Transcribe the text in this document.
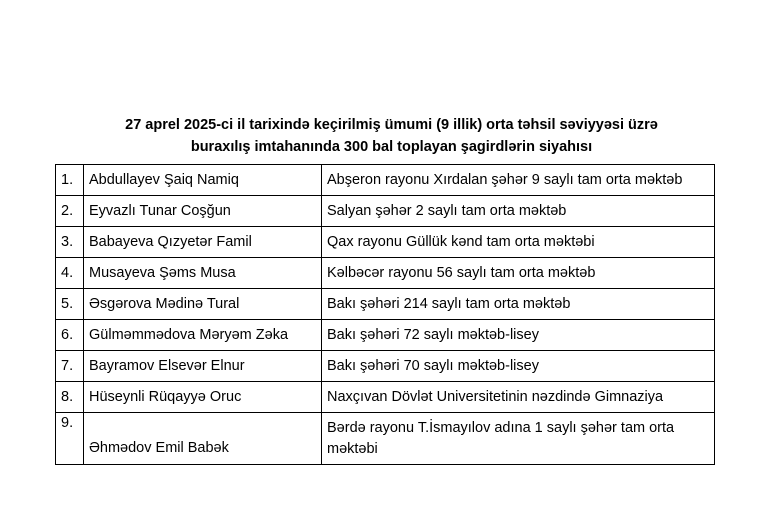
27 aprel 2025-ci il tarixində keçirilmiş ümumi (9 illik) orta təhsil səviyyəsi üzrə
buraxılış imtahanında 300 bal toplayan şagirdlərin siyahısı
1.	Abdullayev Şaiq Namiq	Abşeron rayonu Xırdalan şəhər 9 saylı tam orta məktəb
2.	Eyvazlı Tunar Coşğun	Salyan şəhər 2 saylı tam orta məktəb
3.	Babayeva Qızyetər Famil	Qax rayonu Güllük kənd tam orta məktəbi
4.	Musayeva Şəms Musa	Kəlbəcər rayonu 56 saylı tam orta məktəb
5.	Əsgərova Mədinə Tural	Bakı şəhəri 214 saylı tam orta məktəb
6.	Gülməmmədova Məryəm Zəka	Bakı şəhəri 72 saylı məktəb-lisey
7.	Bayramov Elsevər Elnur	Bakı şəhəri 70 saylı məktəb-lisey
8.	Hüseynli Rüqayyə Oruc	Naxçıvan Dövlət Universitetinin nəzdində Gimnaziya
9.	Əhmədov Emil Babək	Bərdə rayonu T.İsmayılov adına 1 saylı şəhər tam orta məktəbi
